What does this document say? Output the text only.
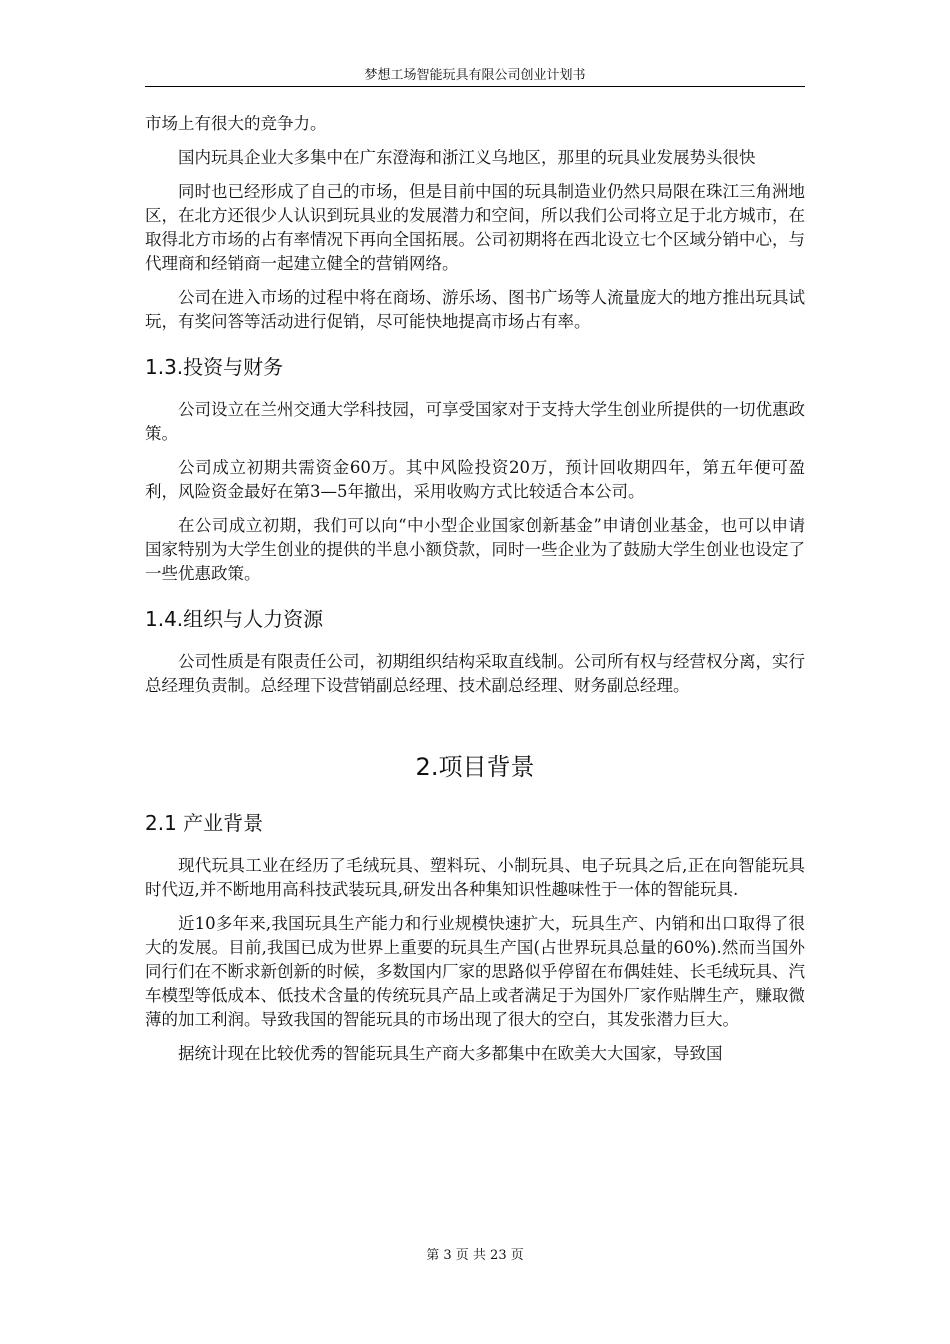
梦想工场智能玩具有限公司创业计划书

市场上有很大的竞争力。

国内玩具企业大多集中在广东澄海和浙江义乌地区，那里的玩具业发展势头很快

同时也已经形成了自己的市场，但是目前中国的玩具制造业仍然只局限在珠江三角洲地区，在北方还很少人认识到玩具业的发展潜力和空间，所以我们公司将立足于北方城市，在取得北方市场的占有率情况下再向全国拓展。公司初期将在西北设立七个区域分销中心，与代理商和经销商一起建立健全的营销网络。

公司在进入市场的过程中将在商场、游乐场、图书广场等人流量庞大的地方推出玩具试玩，有奖问答等活动进行促销，尽可能快地提高市场占有率。

1.3.投资与财务

公司设立在兰州交通大学科技园，可享受国家对于支持大学生创业所提供的一切优惠政策。

公司成立初期共需资金60万。其中风险投资20万，预计回收期四年，第五年便可盈利，风险资金最好在第3—5年撤出，采用收购方式比较适合本公司。

在公司成立初期，我们可以向“中小型企业国家创新基金”申请创业基金，也可以申请国家特别为大学生创业的提供的半息小额贷款，同时一些企业为了鼓励大学生创业也设定了一些优惠政策。

1.4.组织与人力资源

公司性质是有限责任公司，初期组织结构采取直线制。公司所有权与经营权分离，实行总经理负责制。总经理下设营销副总经理、技术副总经理、财务副总经理。

2.项目背景
2.1 产业背景

现代玩具工业在经历了毛绒玩具、塑料玩、小制玩具、电子玩具之后,正在向智能玩具时代迈,并不断地用高科技武装玩具,研发出各种集知识性趣味性于一体的智能玩具.

近10多年来,我国玩具生产能力和行业规模快速扩大，玩具生产、内销和出口取得了很大的发展。目前,我国已成为世界上重要的玩具生产国(占世界玩具总量的60%).然而当国外同行们在不断求新创新的时候，多数国内厂家的思路似乎停留在布偶娃娃、长毛绒玩具、汽车模型等低成本、低技术含量的传统玩具产品上或者满足于为国外厂家作贴牌生产，赚取微薄的加工利润。导致我国的智能玩具的市场出现了很大的空白，其发张潜力巨大。

据统计现在比较优秀的智能玩具生产商大多都集中在欧美大大国家，导致国

第 3 页 共 23 页
